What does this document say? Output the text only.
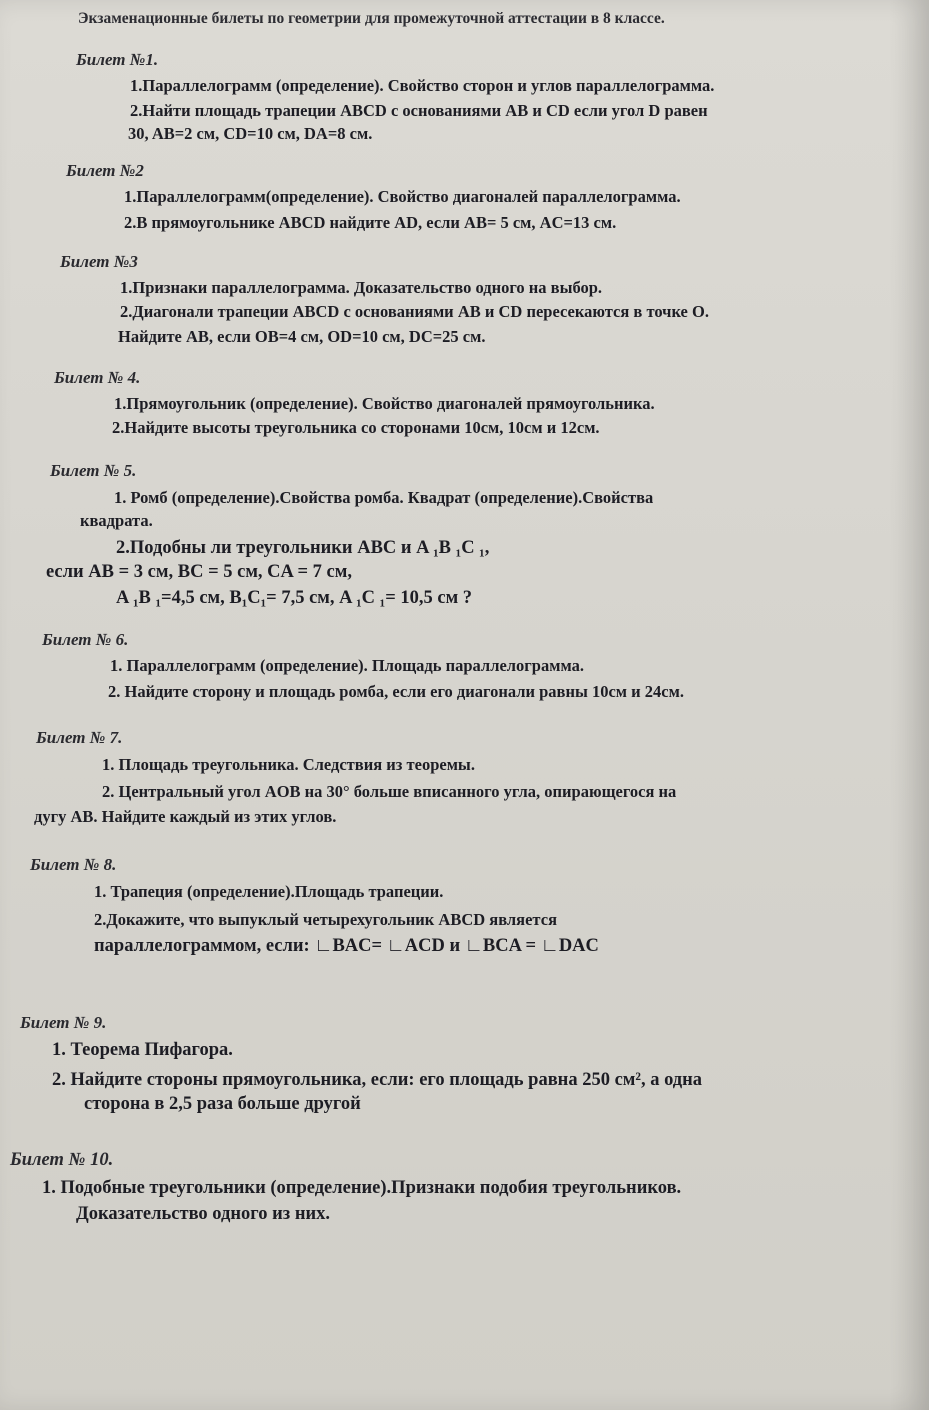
Экзаменационные билеты по геометрии для промежуточной аттестации в 8 классе.
Билет №1.
1.Параллелограмм (определение). Свойство сторон и углов параллелограмма.
2.Найти площадь трапеции ABCD с основаниями AB и CD если угол D равен
30, AB=2 см, CD=10 см, DA=8 см.
Билет №2
1.Параллелограмм(определение). Свойство диагоналей параллелограмма.
2.В прямоугольнике ABCD найдите AD, если AB= 5 см, AC=13 см.
Билет №3
1.Признаки параллелограмма. Доказательство одного на выбор.
2.Диагонали трапеции ABCD с основаниями AB и CD пересекаются в точке O.
Найдите AB, если OB=4 см, OD=10 см, DC=25 см.
Билет № 4.
1.Прямоугольник (определение). Свойство диагоналей прямоугольника.
2.Найдите высоты треугольника со сторонами 10см, 10см и 12см.
Билет № 5.
1. Ромб (определение).Свойства ромба. Квадрат (определение).Свойства
квадрата.
2.Подобны ли треугольники ABC и A ₁B ₁C ₁,
если AB = 3 см, BC = 5 см, CA = 7 см,
A ₁B ₁=4,5 см, B₁C₁= 7,5 см, A ₁C ₁= 10,5 см ?
Билет № 6.
1. Параллелограмм (определение). Площадь параллелограмма.
2. Найдите сторону и площадь ромба, если его диагонали равны 10см и 24см.
Билет № 7.
1. Площадь треугольника. Следствия из теоремы.
2. Центральный угол AOB на 30° больше вписанного угла, опирающегося на
дугу AB. Найдите каждый из этих углов.
Билет № 8.
1. Трапеция (определение).Площадь трапеции.
2.Докажите, что выпуклый четырехугольник ABCD является
параллелограммом, если: ∟BAC= ∟ACD и ∟BCA = ∟DAC
Билет № 9.
1. Теорема Пифагора.
2. Найдите стороны прямоугольника, если: его площадь равна 250 см², а одна
сторона в 2,5 раза больше другой
Билет № 10.
1. Подобные треугольники (определение).Признаки подобия треугольников.
Доказательство одного из них.
